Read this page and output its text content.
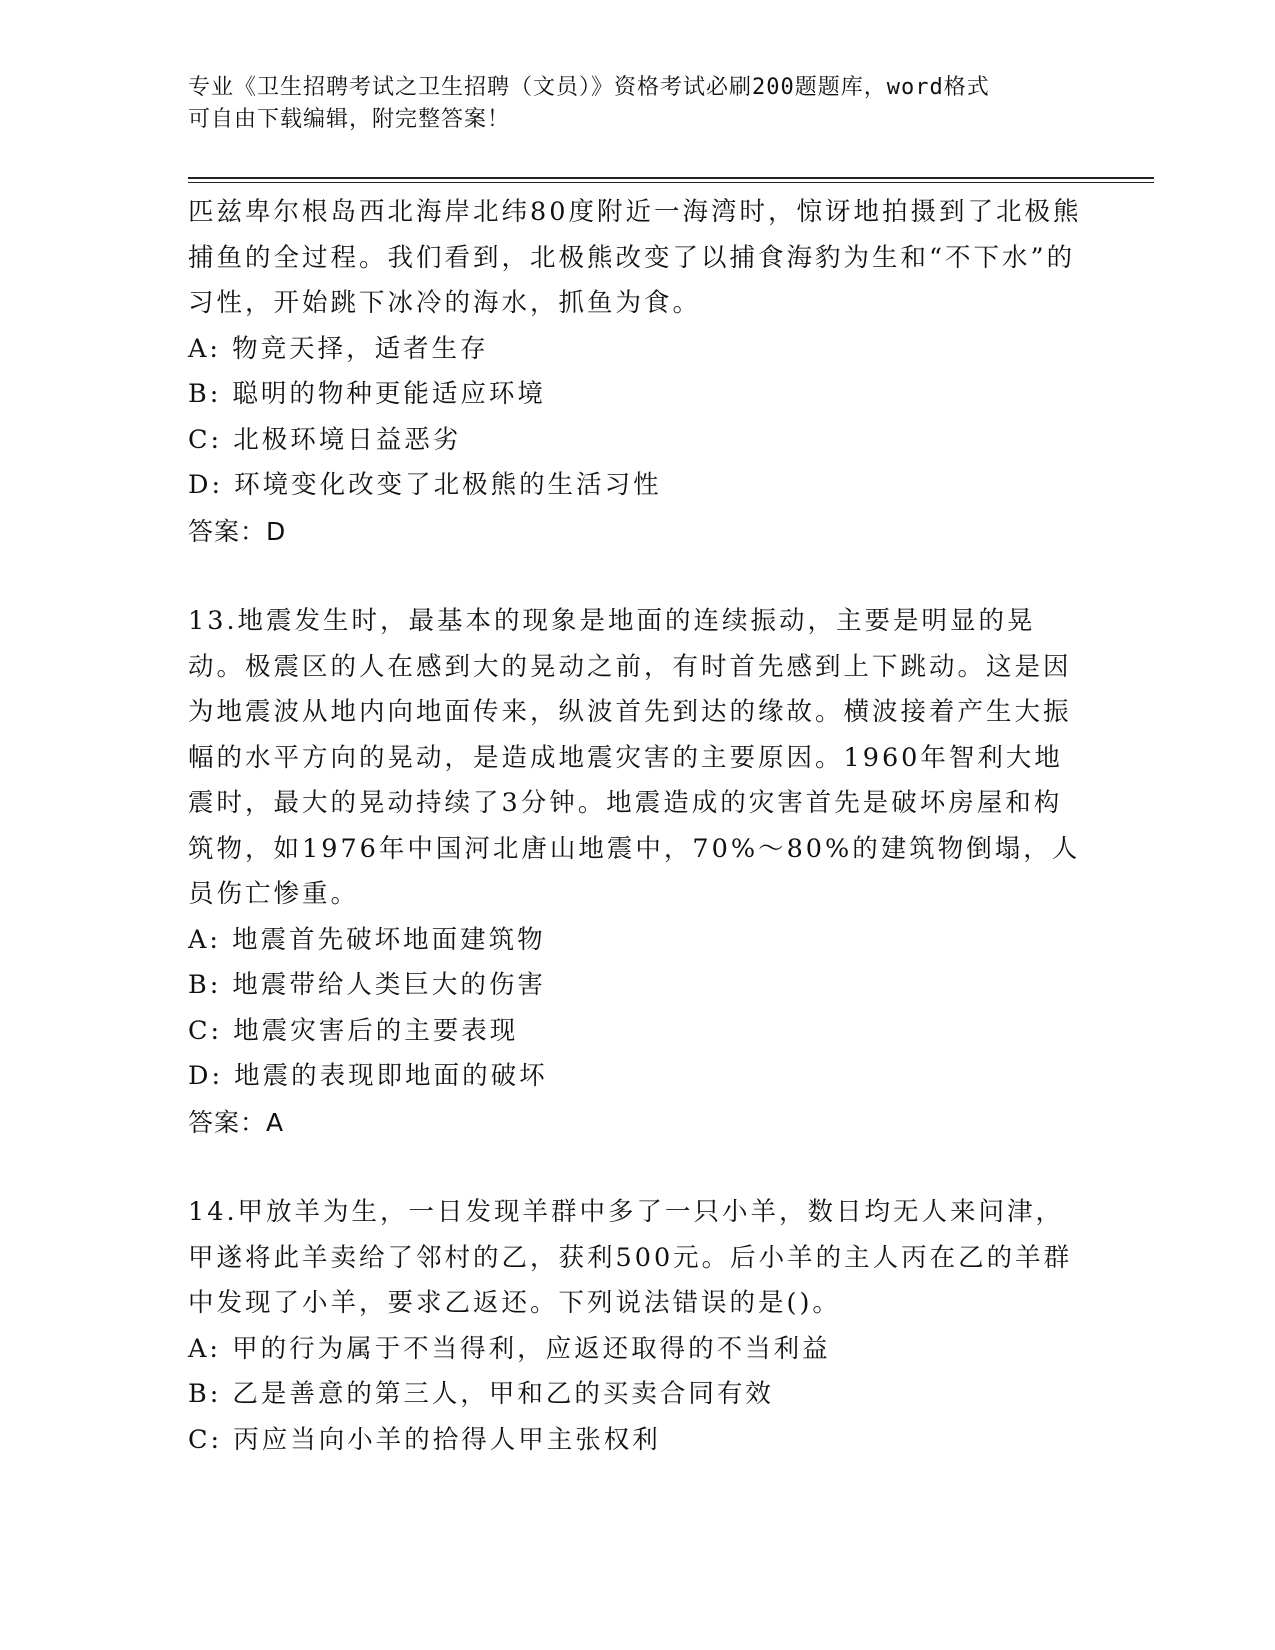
专业《卫生招聘考试之卫生招聘（文员）》资格考试必刷200题题库，word格式
可自由下载编辑，附完整答案！

匹兹卑尔根岛西北海岸北纬80度附近一海湾时，惊讶地拍摄到了北极熊捕鱼的全过程。我们看到，北极熊改变了以捕食海豹为生和“不下水”的习性，开始跳下冰冷的海水，抓鱼为食。

A: 物竞天择，适者生存
B: 聪明的物种更能适应环境
C: 北极环境日益恶劣
D: 环境变化改变了北极熊的生活习性
答案：D

13.地震发生时，最基本的现象是地面的连续振动，主要是明显的晃动。极震区的人在感到大的晃动之前，有时首先感到上下跳动。这是因为地震波从地内向地面传来，纵波首先到达的缘故。横波接着产生大振幅的水平方向的晃动，是造成地震灾害的主要原因。1960年智利大地震时，最大的晃动持续了3分钟。地震造成的灾害首先是破坏房屋和构筑物，如1976年中国河北唐山地震中，70%～80%的建筑物倒塌，人员伤亡惨重。

A: 地震首先破坏地面建筑物
B: 地震带给人类巨大的伤害
C: 地震灾害后的主要表现
D: 地震的表现即地面的破坏
答案：A

14.甲放羊为生，一日发现羊群中多了一只小羊，数日均无人来问津，甲遂将此羊卖给了邻村的乙，获利500元。后小羊的主人丙在乙的羊群中发现了小羊，要求乙返还。下列说法错误的是()。

A: 甲的行为属于不当得利，应返还取得的不当利益
B: 乙是善意的第三人，甲和乙的买卖合同有效
C: 丙应当向小羊的拾得人甲主张权利
